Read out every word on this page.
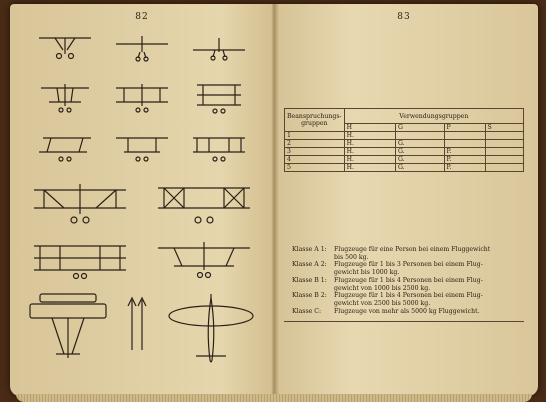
82	83
Beanspruchungs-gruppen	Verwendungsgruppen			
	H	G	P	S
1	H.			
2	H.	G.		
3	H.	G.	P.	
4	H.	G.	P.	
5	H.	G.	P.	
Klasse A 1: Flugzeuge für eine Person bei einem Fluggewicht
bis 500 kg.
Klasse A 2: Flugzeuge für 1 bis 3 Personen bei einem Flug-
gewicht bis 1000 kg.
Klasse B 1: Flugzeuge für 1 bis 4 Personen bei einem Flug-
gewicht von 1000 bis 2500 kg.
Klasse B 2: Flugzeuge für 1 bis 4 Personen bei einem Flug-
gewicht von 2500 bis 5000 kg.
Klasse C: Flugzeuge von mehr als 5000 kg Fluggewicht.
